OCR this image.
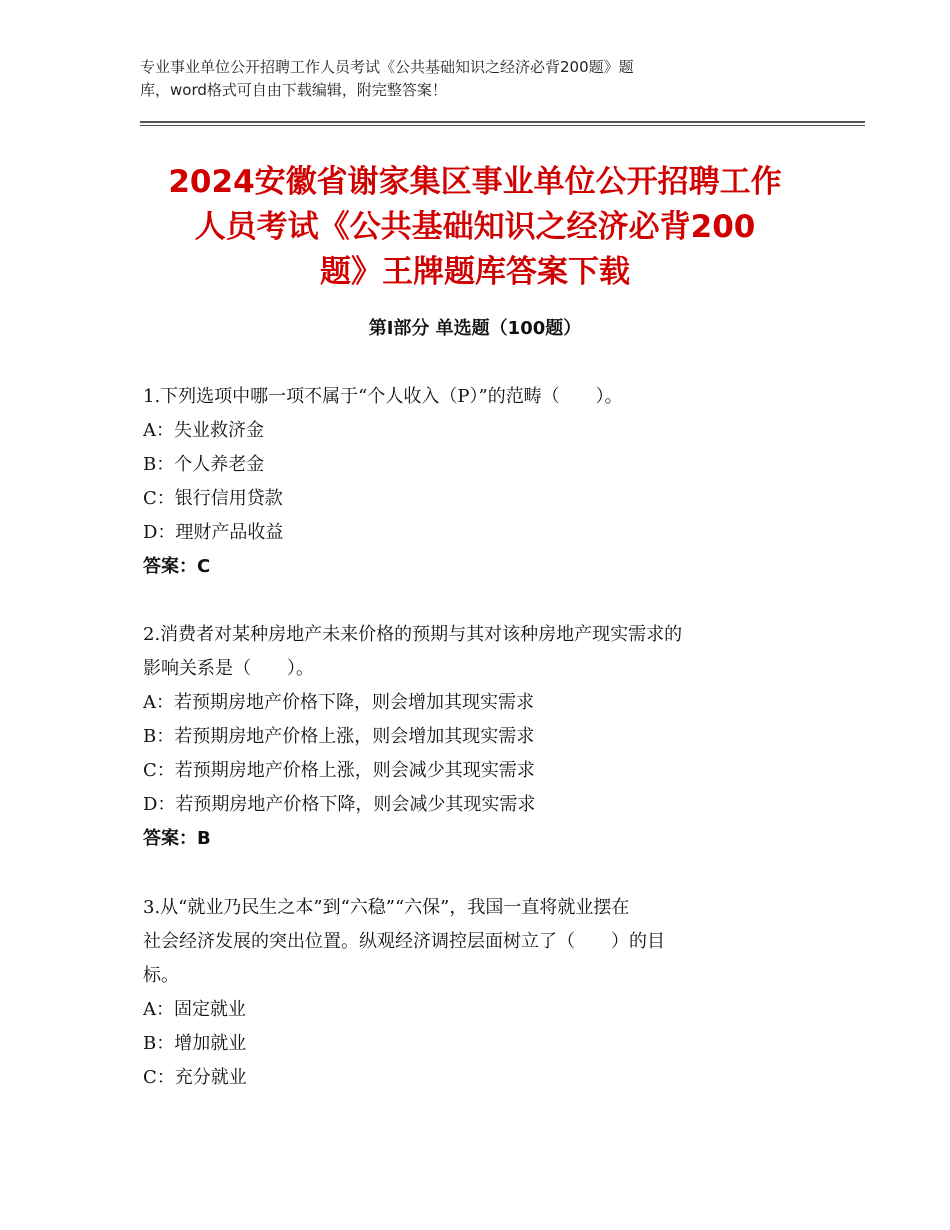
专业事业单位公开招聘工作人员考试《公共基础知识之经济必背200题》题
库，word格式可自由下载编辑，附完整答案！
2024安徽省谢家集区事业单位公开招聘工作
人员考试《公共基础知识之经济必背200
题》王牌题库答案下载
第Ⅰ部分 单选题（100题）
1.下列选项中哪一项不属于“个人收入（P）”的范畴（　　）。
A：失业救济金
B：个人养老金
C：银行信用贷款
D：理财产品收益
答案：C
2.消费者对某种房地产未来价格的预期与其对该种房地产现实需求的
影响关系是（　　）。
A：若预期房地产价格下降，则会增加其现实需求
B：若预期房地产价格上涨，则会增加其现实需求
C：若预期房地产价格上涨，则会减少其现实需求
D：若预期房地产价格下降，则会减少其现实需求
答案：B
3.从“就业乃民生之本”到“六稳”“六保”，我国一直将就业摆在
社会经济发展的突出位置。纵观经济调控层面树立了（　　）的目
标。
A：固定就业
B：增加就业
C：充分就业
